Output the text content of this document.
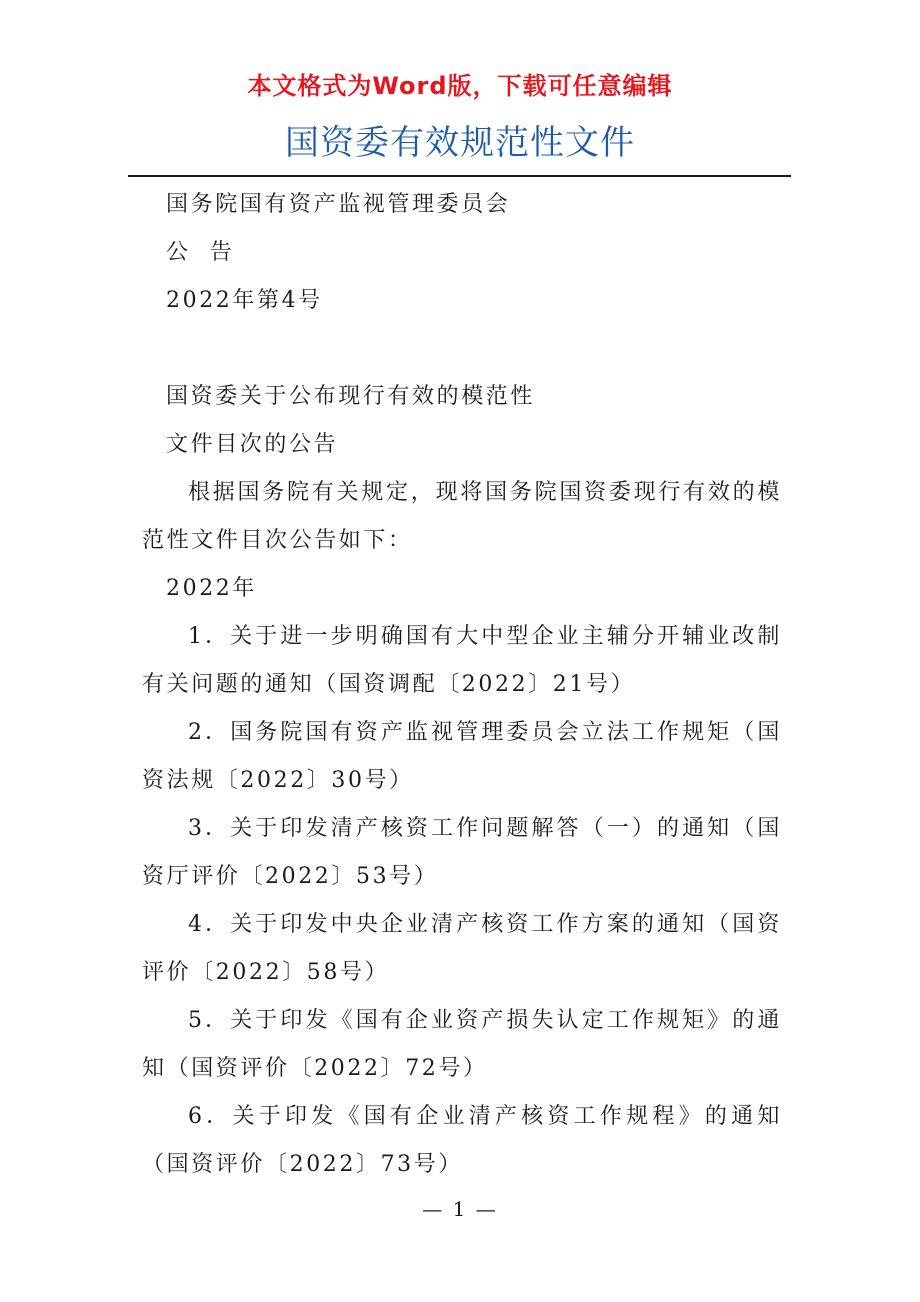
本文格式为Word版，下载可任意编辑
国资委有效规范性文件

国务院国有资产监视管理委员会

公  告

2022年第4号

国资委关于公布现行有效的模范性

文件目次的公告

根据国务院有关规定，现将国务院国资委现行有效的模范性文件目次公告如下：

2022年

1．关于进一步明确国有大中型企业主辅分开辅业改制有关问题的通知（国资调配〔2022〕21号）

2．国务院国有资产监视管理委员会立法工作规矩（国资法规〔2022〕30号）

3．关于印发清产核资工作问题解答（一）的通知（国资厅评价〔2022〕53号）

4．关于印发中央企业清产核资工作方案的通知（国资评价〔2022〕58号）

5．关于印发《国有企业资产损失认定工作规矩》的通知（国资评价〔2022〕72号）

6．关于印发《国有企业清产核资工作规程》的通知（国资评价〔2022〕73号）

— 1 —
